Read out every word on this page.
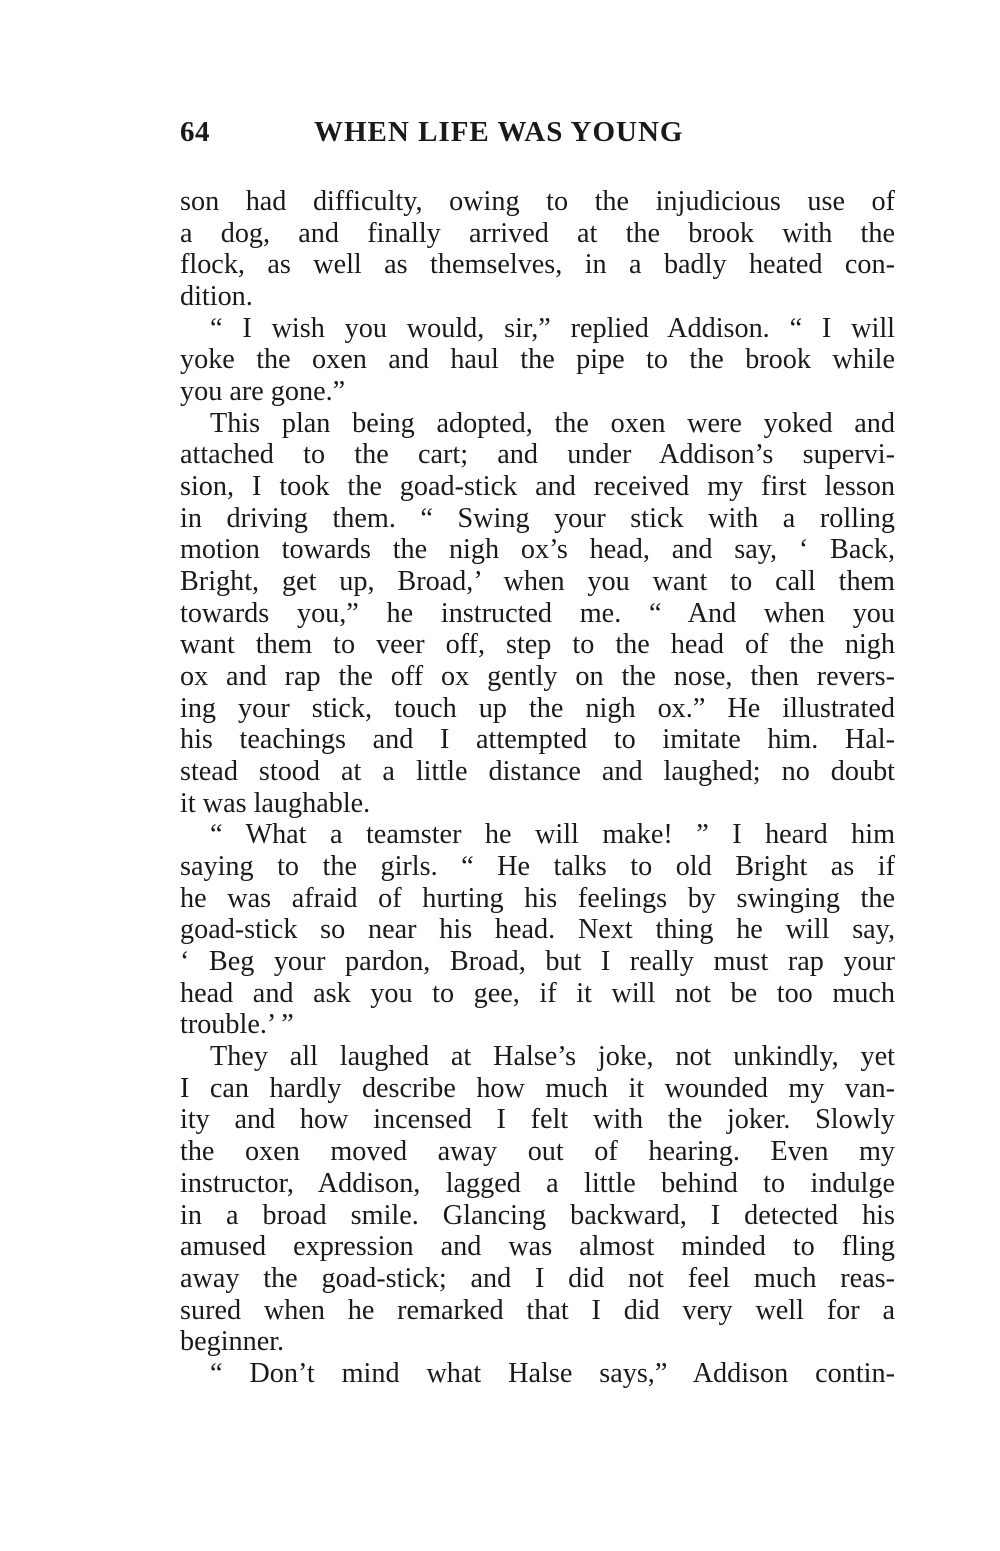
64	WHEN LIFE WAS YOUNG
son had difficulty, owing to the injudicious use of
a dog, and finally arrived at the brook with the
flock, as well as themselves, in a badly heated con-
dition.
“ I wish you would, sir,” replied Addison. “ I will
yoke the oxen and haul the pipe to the brook while
you are gone.”
This plan being adopted, the oxen were yoked and
attached to the cart; and under Addison’s supervi-
sion, I took the goad-stick and received my first lesson
in driving them. “ Swing your stick with a rolling
motion towards the nigh ox’s head, and say, ‘ Back,
Bright, get up, Broad,’ when you want to call them
towards you,” he instructed me. “ And when you
want them to veer off, step to the head of the nigh
ox and rap the off ox gently on the nose, then revers-
ing your stick, touch up the nigh ox.” He illustrated
his teachings and I attempted to imitate him. Hal-
stead stood at a little distance and laughed; no doubt
it was laughable.
“ What a teamster he will make! ” I heard him
saying to the girls. “ He talks to old Bright as if
he was afraid of hurting his feelings by swinging the
goad-stick so near his head. Next thing he will say,
‘ Beg your pardon, Broad, but I really must rap your
head and ask you to gee, if it will not be too much
trouble.’ ”
They all laughed at Halse’s joke, not unkindly, yet
I can hardly describe how much it wounded my van-
ity and how incensed I felt with the joker. Slowly
the oxen moved away out of hearing. Even my
instructor, Addison, lagged a little behind to indulge
in a broad smile. Glancing backward, I detected his
amused expression and was almost minded to fling
away the goad-stick; and I did not feel much reas-
sured when he remarked that I did very well for a
beginner.
“ Don’t mind what Halse says,” Addison contin-
